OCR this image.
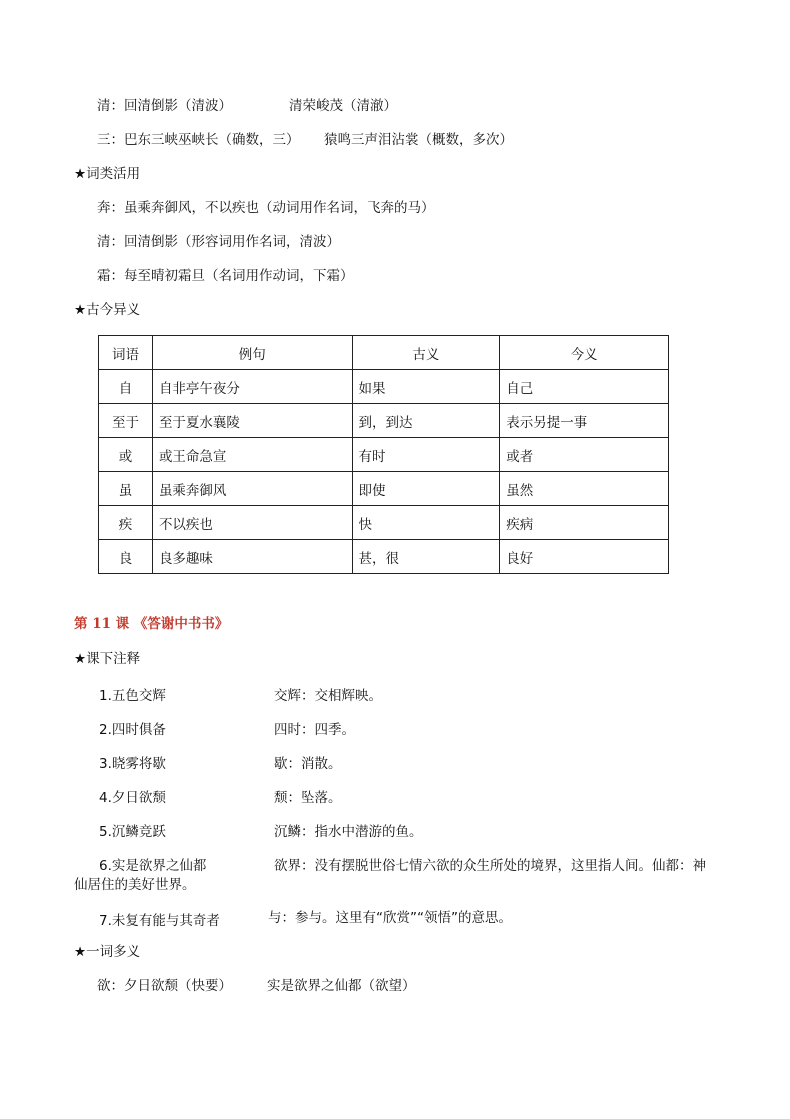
清：回清倒影（清波）	清荣峻茂（清澈）
三：巴东三峡巫峡长（确数，三） 猿鸣三声泪沾裳（概数，多次）
★词类活用
奔：虽乘奔御风，不以疾也（动词用作名词，飞奔的马）
清：回清倒影（形容词用作名词，清波）
霜：每至晴初霜旦（名词用作动词，下霜）
★古今异义
词语	例句	古义	今义
自	自非亭午夜分	如果	自己
至于	至于夏水襄陵	到，到达	表示另提一事
或	或王命急宣	有时	或者
虽	虽乘奔御风	即使	虽然
疾	不以疾也	快	疾病
良	良多趣味	甚，很	良好
第 11 课 《答谢中书书》
★课下注释
1.五色交辉	交辉：交相辉映。
2.四时俱备	四时：四季。
3.晓雾将歇	歇：消散。
4.夕日欲颓	颓：坠落。
5.沉鳞竞跃	沉鳞：指水中潜游的鱼。
6.实是欲界之仙都	欲界：没有摆脱世俗七情六欲的众生所处的境界，这里指人间。仙都：神
仙居住的美好世界。
7.未复有能与其奇者	与：参与。这里有“欣赏”“领悟”的意思。
★一词多义
欲：夕日欲颓（快要）	实是欲界之仙都（欲望）
